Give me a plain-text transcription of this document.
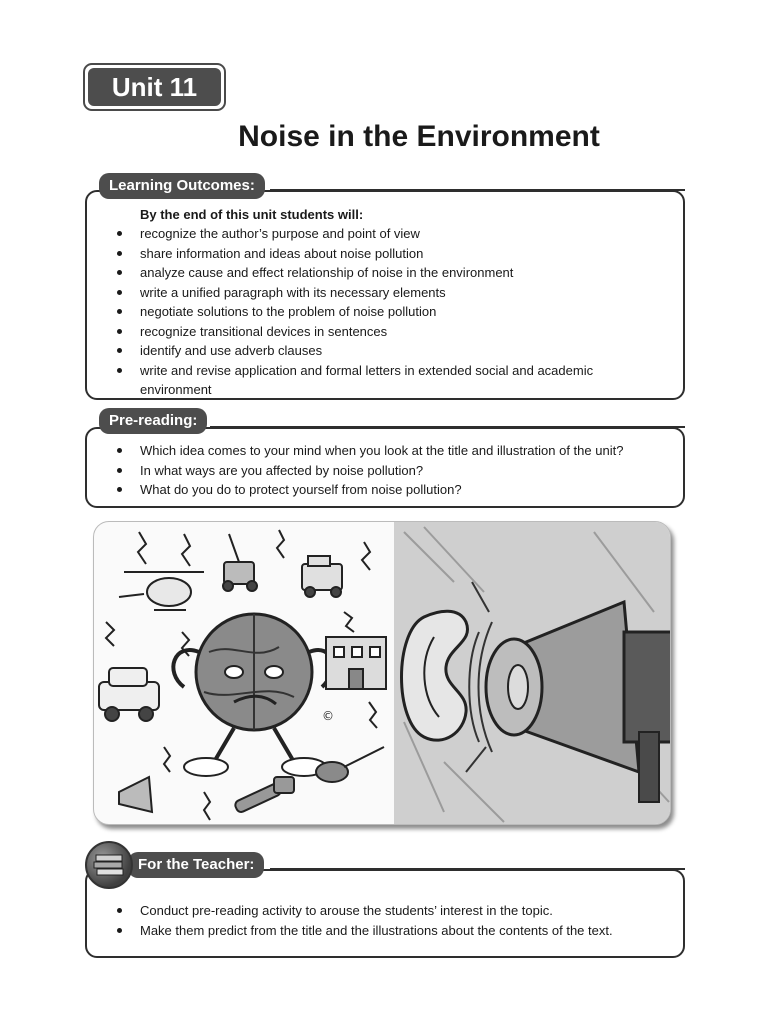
Unit 11
Noise in the Environment
By the end of this unit students will:
recognize the author’s purpose and point of view
share information and ideas about noise pollution
analyze cause and effect relationship of noise in the environment
write a unified paragraph with its necessary elements
negotiate solutions to the problem of noise pollution
recognize transitional devices in sentences
identify and use adverb clauses
write and revise application and formal letters in extended social and academic environment
Learning Outcomes:
Which idea comes to your mind when you look at the title and illustration of the unit?
In what ways are you affected by noise pollution?
What do you do to protect yourself from noise pollution?
Pre-reading:
©
Conduct pre-reading activity to arouse the students’ interest in the topic.
Make them predict from the title and the illustrations about the contents of the text.
For the Teacher:
